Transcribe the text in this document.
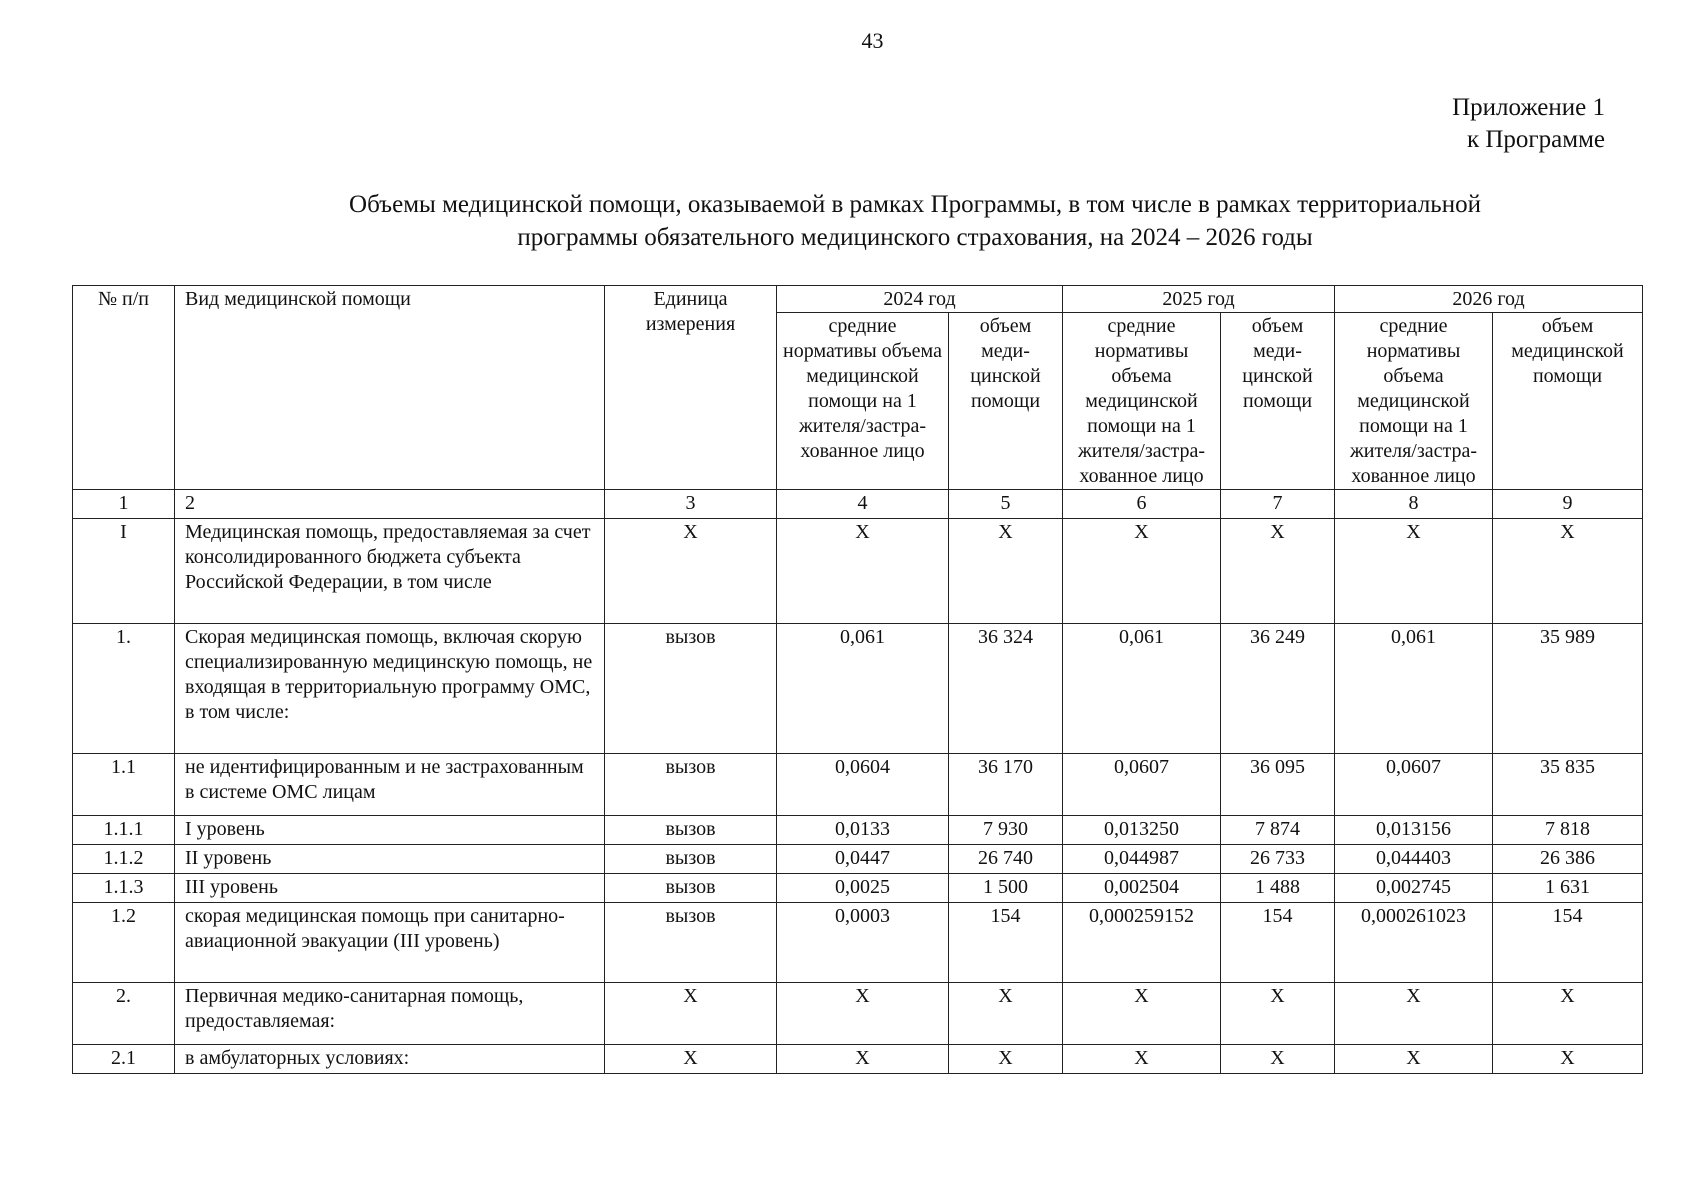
43
Приложение 1
к Программе
Объемы медицинской помощи, оказываемой в рамках Программы, в том числе в рамках территориальной
программы обязательного медицинского страхования, на 2024 – 2026 годы
№ п/п	Вид медицинской помощи	Единица измерения	2024 год		2025 год		2026 год	
			средние нормативы объема медицинской помощи на 1 жителя/застра-хованное лицо	объем меди-цинской помощи	средние нормативы объема медицинской помощи на 1 жителя/застра-хованное лицо	объем меди-цинской помощи	средние нормативы объема медицинской помощи на 1 жителя/застра-хованное лицо	объем медицинской помощи
1	2	3	4	5	6	7	8	9
I	Медицинская помощь, предоставляемая за счет консолидированного бюджета субъекта Российской Федерации, в том числе	X	X	X	X	X	X	X
1.	Скорая медицинская помощь, включая скорую специализированную медицинскую помощь, не входящая в территориальную программу ОМС, в том числе:	вызов	0,061	36 324	0,061	36 249	0,061	35 989
1.1	не идентифицированным и не застрахованным в системе ОМС лицам	вызов	0,0604	36 170	0,0607	36 095	0,0607	35 835
1.1.1	I уровень	вызов	0,0133	7 930	0,013250	7 874	0,013156	7 818
1.1.2	II уровень	вызов	0,0447	26 740	0,044987	26 733	0,044403	26 386
1.1.3	III уровень	вызов	0,0025	1 500	0,002504	1 488	0,002745	1 631
1.2	скорая медицинская помощь при санитарно-авиационной эвакуации (III уровень)	вызов	0,0003	154	0,000259152	154	0,000261023	154
2.	Первичная медико-санитарная помощь, предоставляемая:	X	X	X	X	X	X	X
2.1	в амбулаторных условиях:	X	X	X	X	X	X	X
